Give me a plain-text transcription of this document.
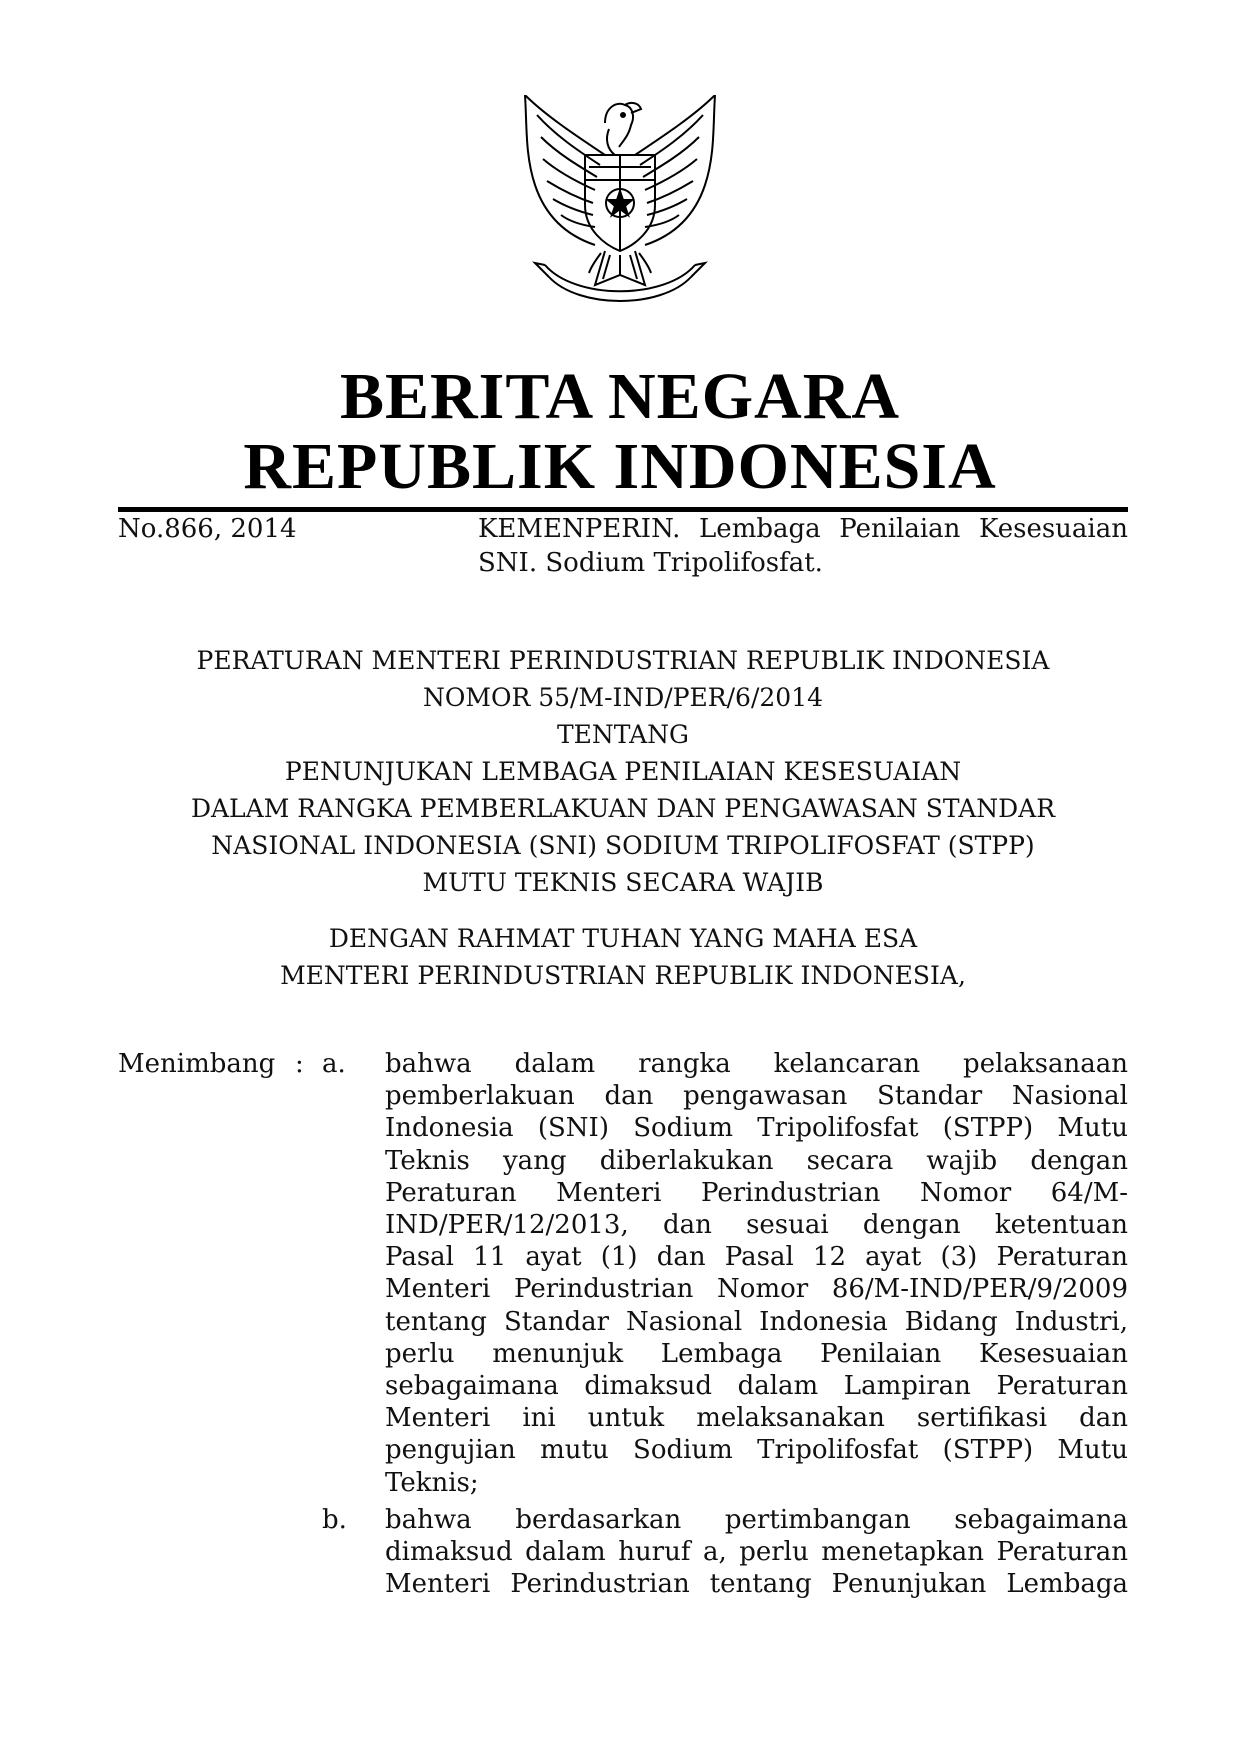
BERITA NEGARA
REPUBLIK INDONESIA
No.866, 2014	KEMENPERIN. Lembaga Penilaian Kesesuaian
SNI. Sodium Tripolifosfat.
PERATURAN MENTERI PERINDUSTRIAN REPUBLIK INDONESIA
NOMOR 55/M-IND/PER/6/2014
TENTANG
PENUNJUKAN LEMBAGA PENILAIAN KESESUAIAN
DALAM RANGKA PEMBERLAKUAN DAN PENGAWASAN STANDAR
NASIONAL INDONESIA (SNI) SODIUM TRIPOLIFOSFAT (STPP)
MUTU TEKNIS SECARA WAJIB
DENGAN RAHMAT TUHAN YANG MAHA ESA
MENTERI PERINDUSTRIAN REPUBLIK INDONESIA,
Menimbang : a. bahwa dalam rangka kelancaran pelaksanaan
pemberlakuan dan pengawasan Standar Nasional
Indonesia (SNI) Sodium Tripolifosfat (STPP) Mutu
Teknis yang diberlakukan secara wajib dengan
Peraturan Menteri Perindustrian Nomor 64/M-
IND/PER/12/2013, dan sesuai dengan ketentuan
Pasal 11 ayat (1) dan Pasal 12 ayat (3) Peraturan
Menteri Perindustrian Nomor 86/M-IND/PER/9/2009
tentang Standar Nasional Indonesia Bidang Industri,
perlu menunjuk Lembaga Penilaian Kesesuaian
sebagaimana dimaksud dalam Lampiran Peraturan
Menteri ini untuk melaksanakan sertifikasi dan
pengujian mutu Sodium Tripolifosfat (STPP) Mutu
Teknis;
b. bahwa berdasarkan pertimbangan sebagaimana
dimaksud dalam huruf a, perlu menetapkan Peraturan
Menteri Perindustrian tentang Penunjukan Lembaga
